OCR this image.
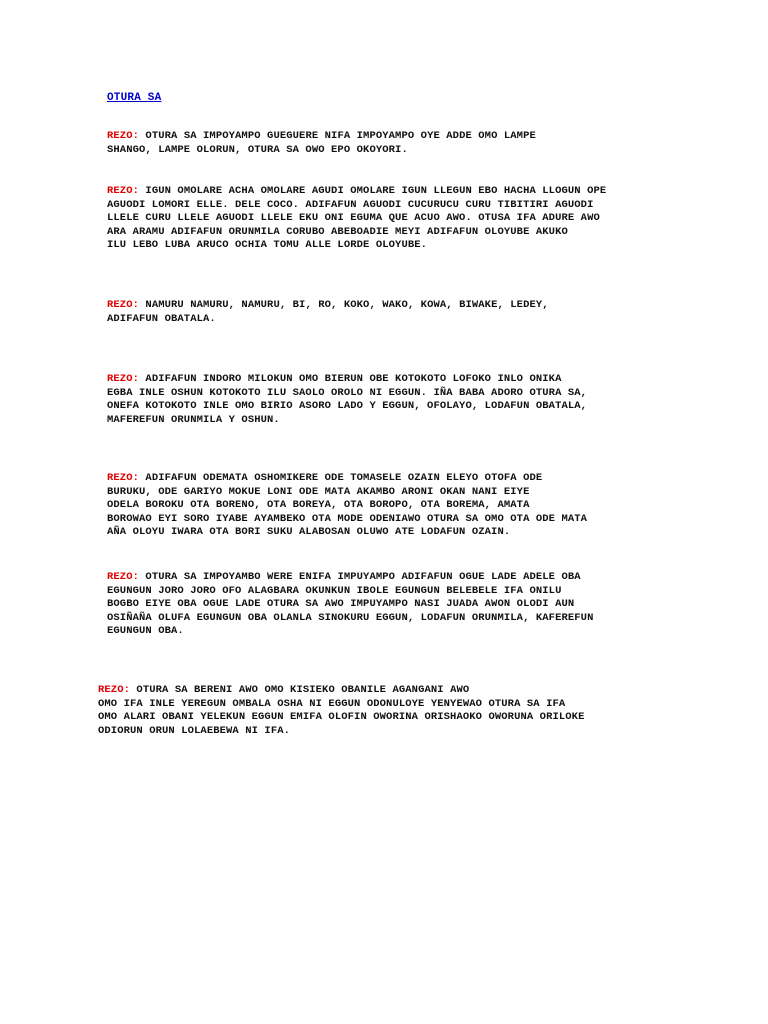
OTURA SA
REZO: OTURA SA IMPOYAMPO GUEGUERE NIFA IMPOYAMPO OYE ADDE OMO LAMPE
SHANGO, LAMPE OLORUN, OTURA SA OWO EPO OKOYORI.
REZO: IGUN OMOLARE ACHA OMOLARE AGUDI OMOLARE IGUN LLEGUN EBO HACHA LLOGUN OPE
AGUODI LOMORI ELLE. DELE COCO. ADIFAFUN AGUODI CUCURUCU CURU TIBITIRI AGUODI
LLELE CURU LLELE AGUODI LLELE EKU ONI EGUMA QUE ACUO AWO. OTUSA IFA ADURE AWO
ARA ARAMU ADIFAFUN ORUNMILA CORUBO ABEBOADIE MEYI ADIFAFUN OLOYUBE AKUKO
ILU LEBO LUBA ARUCO OCHIA TOMU ALLE LORDE OLOYUBE.
REZO: NAMURU NAMURU, NAMURU, BI, RO, KOKO, WAKO, KOWA, BIWAKE, LEDEY,
ADIFAFUN OBATALA.
REZO: ADIFAFUN INDORO MILOKUN OMO BIERUN OBE KOTOKOTO LOFOKO INLO ONIKA
EGBA INLE OSHUN KOTOKOTO ILU SAOLO OROLO NI EGGUN. IÑA BABA ADORO OTURA SA,
ONEFA KOTOKOTO INLE OMO BIRIO ASORO LADO Y EGGUN, OFOLAYO, LODAFUN OBATALA,
MAFEREFUN ORUNMILA Y OSHUN.
REZO: ADIFAFUN ODEMATA OSHOMIKERE ODE TOMASELE OZAIN ELEYO OTOFA ODE
BURUKU, ODE GARIYO MOKUE LONI ODE MATA AKAMBO ARONI OKAN NANI EIYE
ODELA BOROKU OTA BORENO, OTA BOREYA, OTA BOROPO, OTA BOREMA, AMATA
BOROWAO EYI SORO IYABE AYAMBEKO OTA MODE ODENIAWO OTURA SA OMO OTA ODE MATA
AÑA OLOYU IWARA OTA BORI SUKU ALABOSAN OLUWO ATE LODAFUN OZAIN.
REZO: OTURA SA IMPOYAMBO WERE ENIFA IMPUYAMPO ADIFAFUN OGUE LADE ADELE OBA
EGUNGUN JORO JORO OFO ALAGBARA OKUNKUN IBOLE EGUNGUN BELEBELE IFA ONILU
BOGBO EIYE OBA OGUE LADE OTURA SA AWO IMPUYAMPO NASI JUADA AWON OLODI AUN
OSIÑAÑA OLUFA EGUNGUN OBA OLANLA SINOKURU EGGUN, LODAFUN ORUNMILA, KAFEREFUN
EGUNGUN OBA.
REZO: OTURA SA BERENI AWO OMO KISIEKO OBANILE AGANGANI AWO
OMO IFA INLE YEREGUN OMBALA OSHA NI EGGUN ODONULOYE YENYEWAO OTURA SA IFA
OMO ALARI OBANI YELEKUN EGGUN EMIFA OLOFIN OWORINA ORISHAOKO OWORUNA ORILOKE
ODIORUN ORUN LOLAEBEWA NI IFA.
